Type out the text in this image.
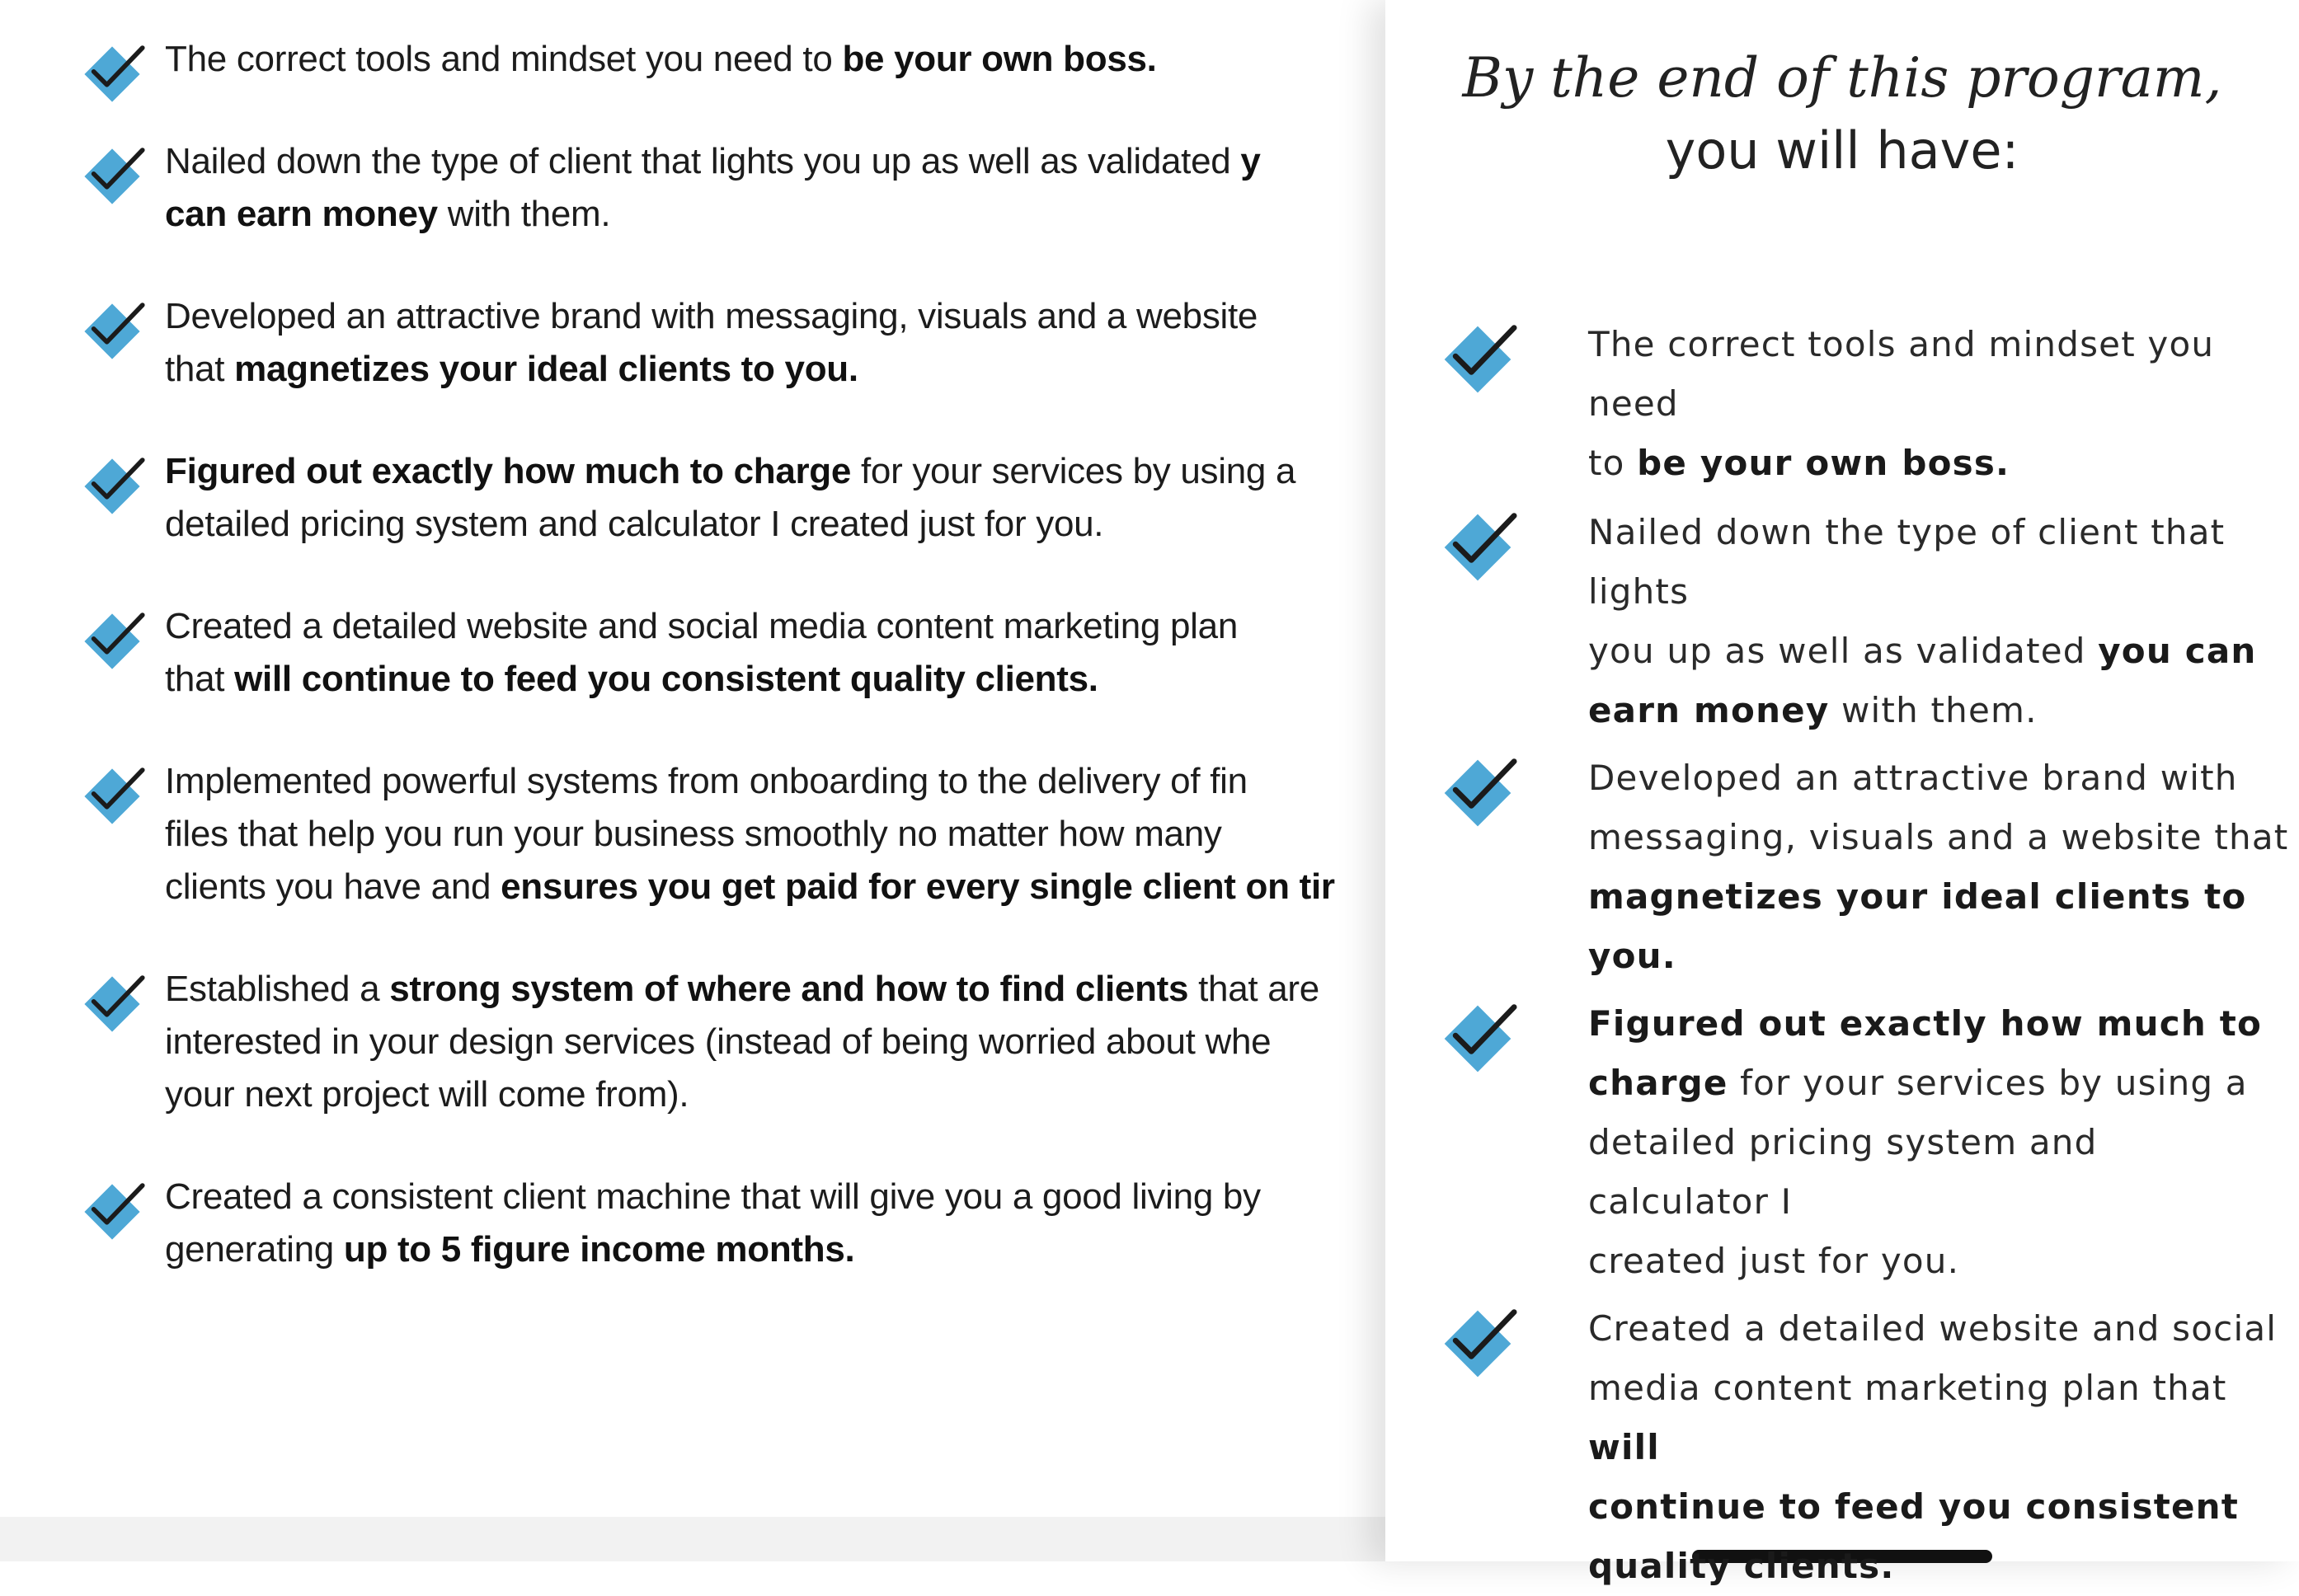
The correct tools and mindset you need to be your own boss.
Nailed down the type of client that lights you up as well as validated y
can earn money with them.
Developed an attractive brand with messaging, visuals and a website
that magnetizes your ideal clients to you.
Figured out exactly how much to charge for your services by using a
detailed pricing system and calculator I created just for you.
Created a detailed website and social media content marketing plan
that will continue to feed you consistent quality clients.
Implemented powerful systems from onboarding to the delivery of fin
files that help you run your business smoothly no matter how many
clients you have and ensures you get paid for every single client on tir
Established a strong system of where and how to find clients that are
interested in your design services (instead of being worried about whe
your next project will come from).
Created a consistent client machine that will give you a good living by
generating up to 5 figure income months.
By the end of this program,
you will have:
The correct tools and mindset you need
to be your own boss.
Nailed down the type of client that lights
you up as well as validated you can
earn money with them.
Developed an attractive brand with
messaging, visuals and a website that
magnetizes your ideal clients to you.
Figured out exactly how much to
charge for your services by using a
detailed pricing system and calculator I
created just for you.
Created a detailed website and social
media content marketing plan that will
continue to feed you consistent
quality clients.
